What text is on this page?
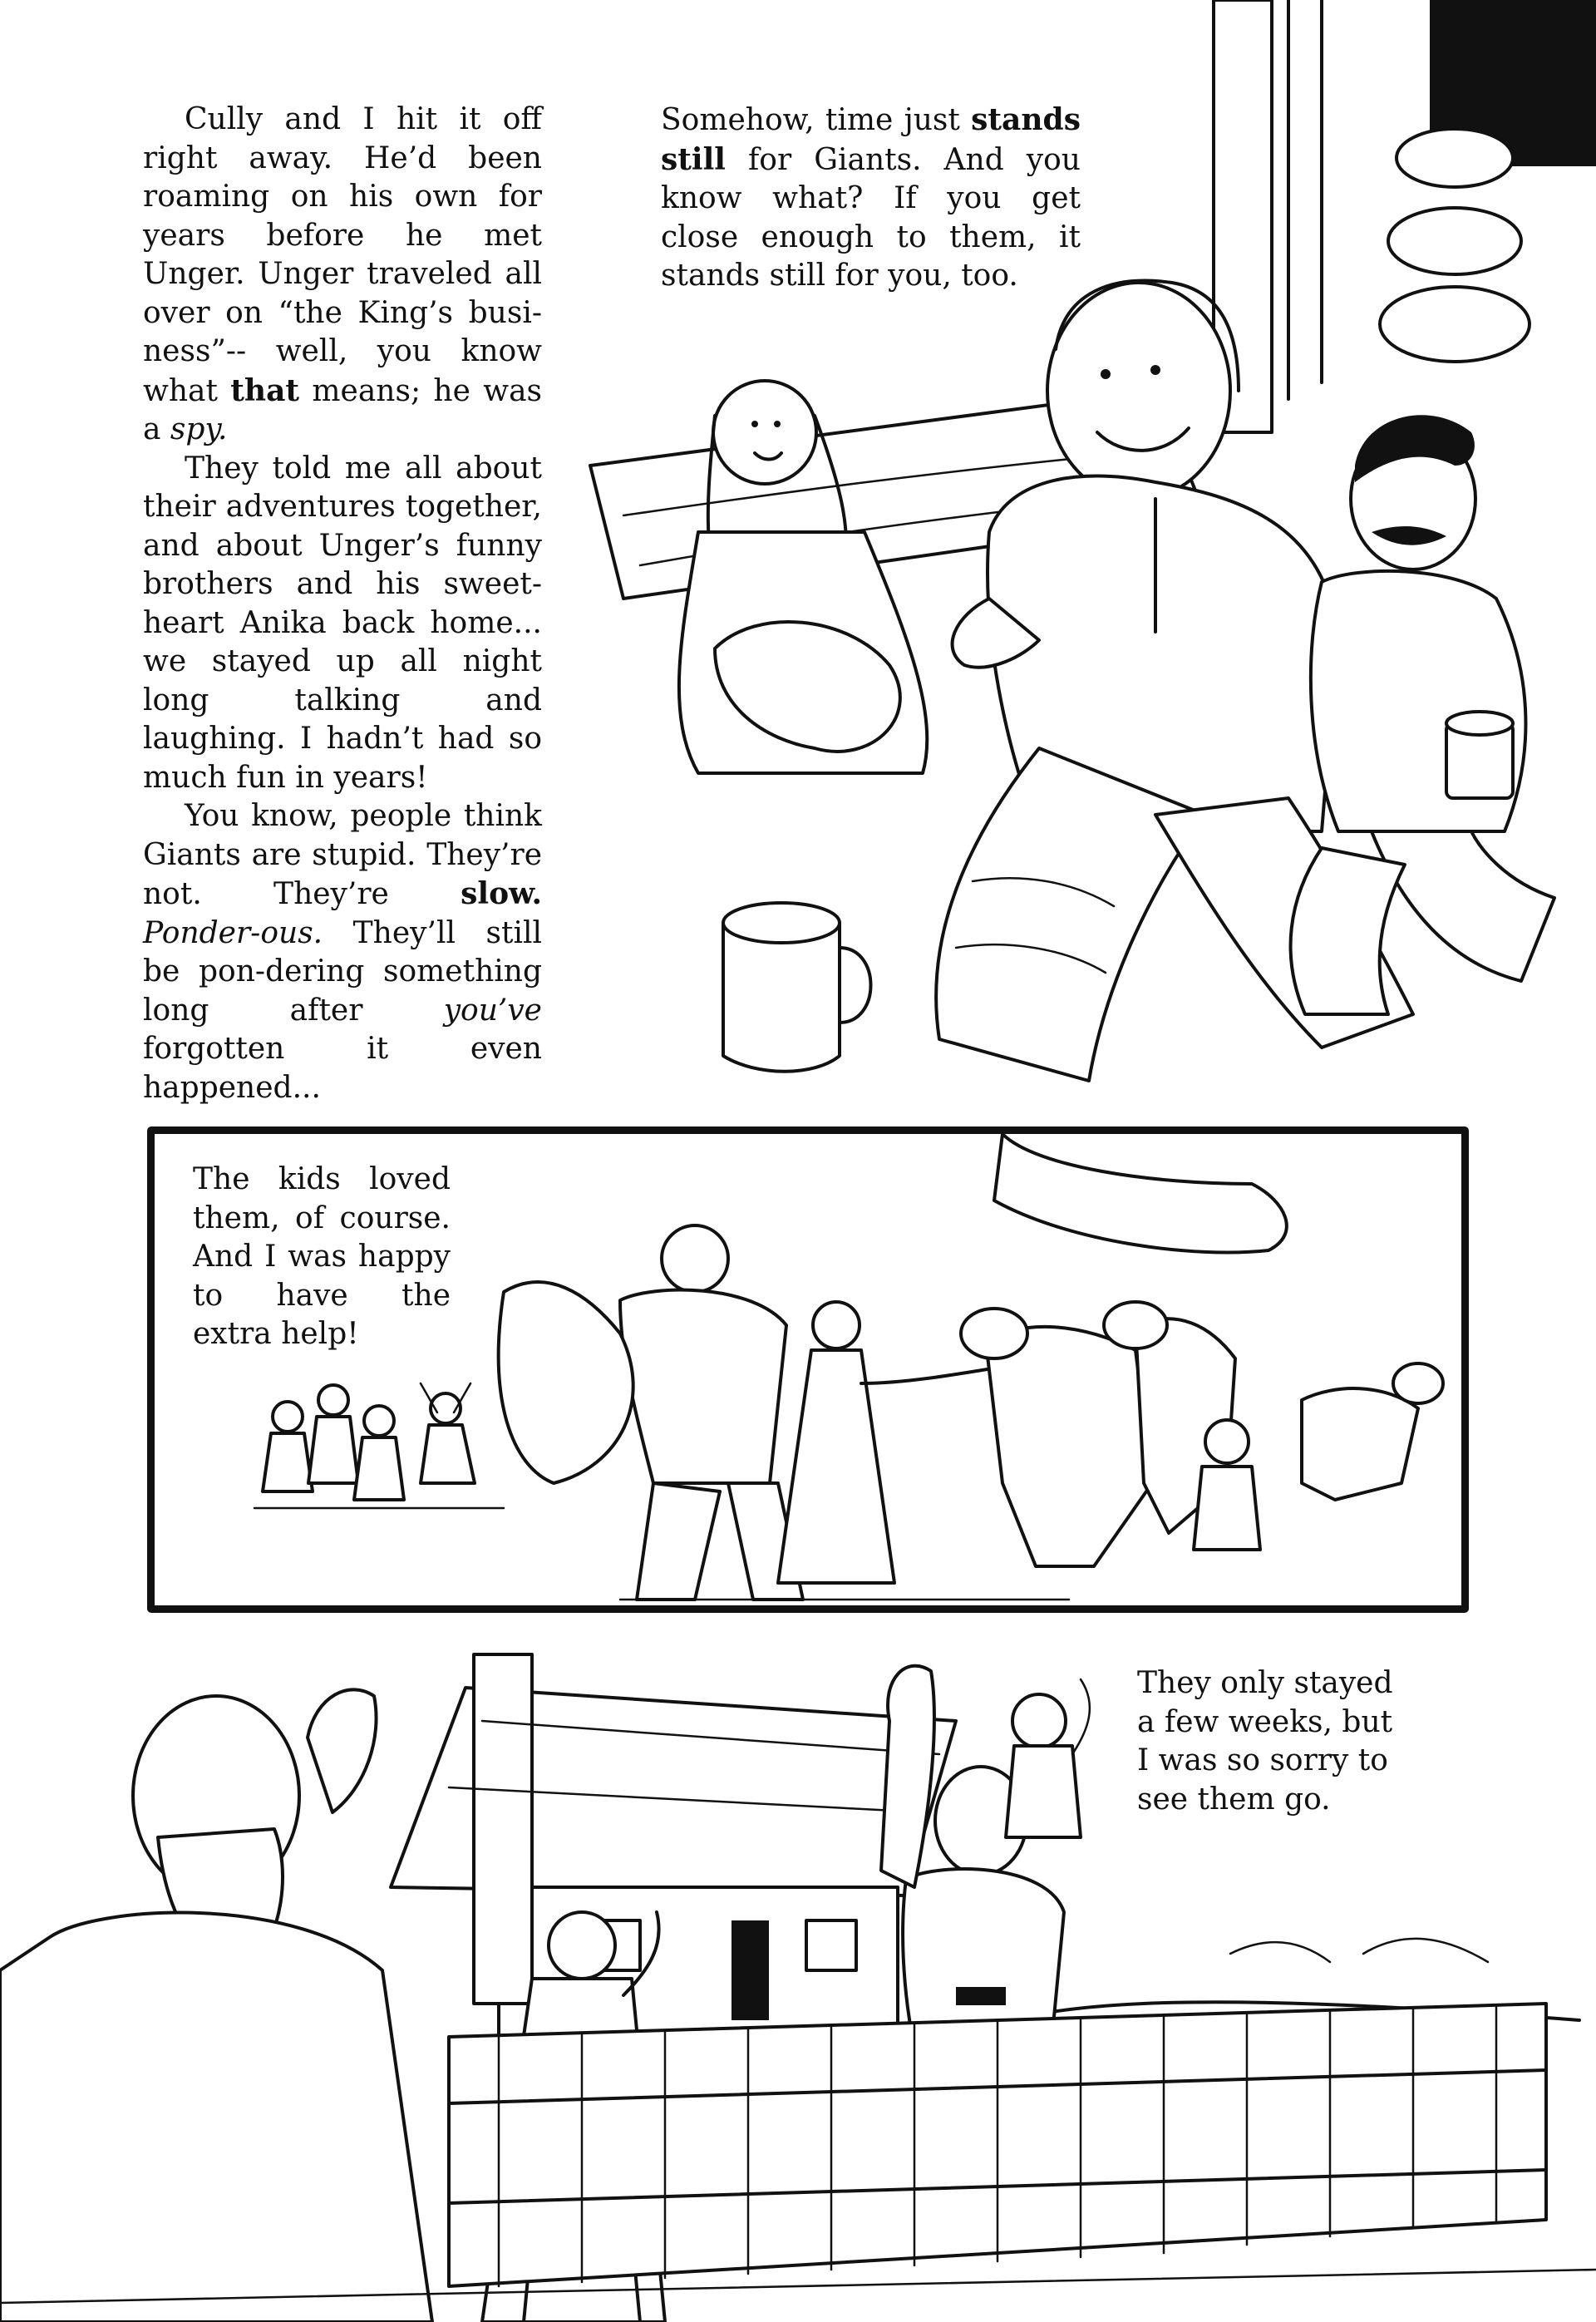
Cully and I hit it off right away. He’d been roaming on his own for years before he met Unger. Unger traveled all over on “the King’s busi-ness”-- well, you know what that means; he was a spy.

They told me all about their adventures together, and about Unger’s funny brothers and his sweet-heart Anika back home... we stayed up all night long talking and laughing. I hadn’t had so much fun in years!

You know, people think Giants are stupid. They’re not. They’re slow. Ponder-ous. They’ll still be pon-dering something long after you’ve forgotten it even happened...

Somehow, time just stands still for Giants. And you know what? If you get close enough to them, it stands still for you, too.

The kids loved them, of course. And I was happy to have the extra help!

They only stayed a few weeks, but I was so sorry to see them go.
